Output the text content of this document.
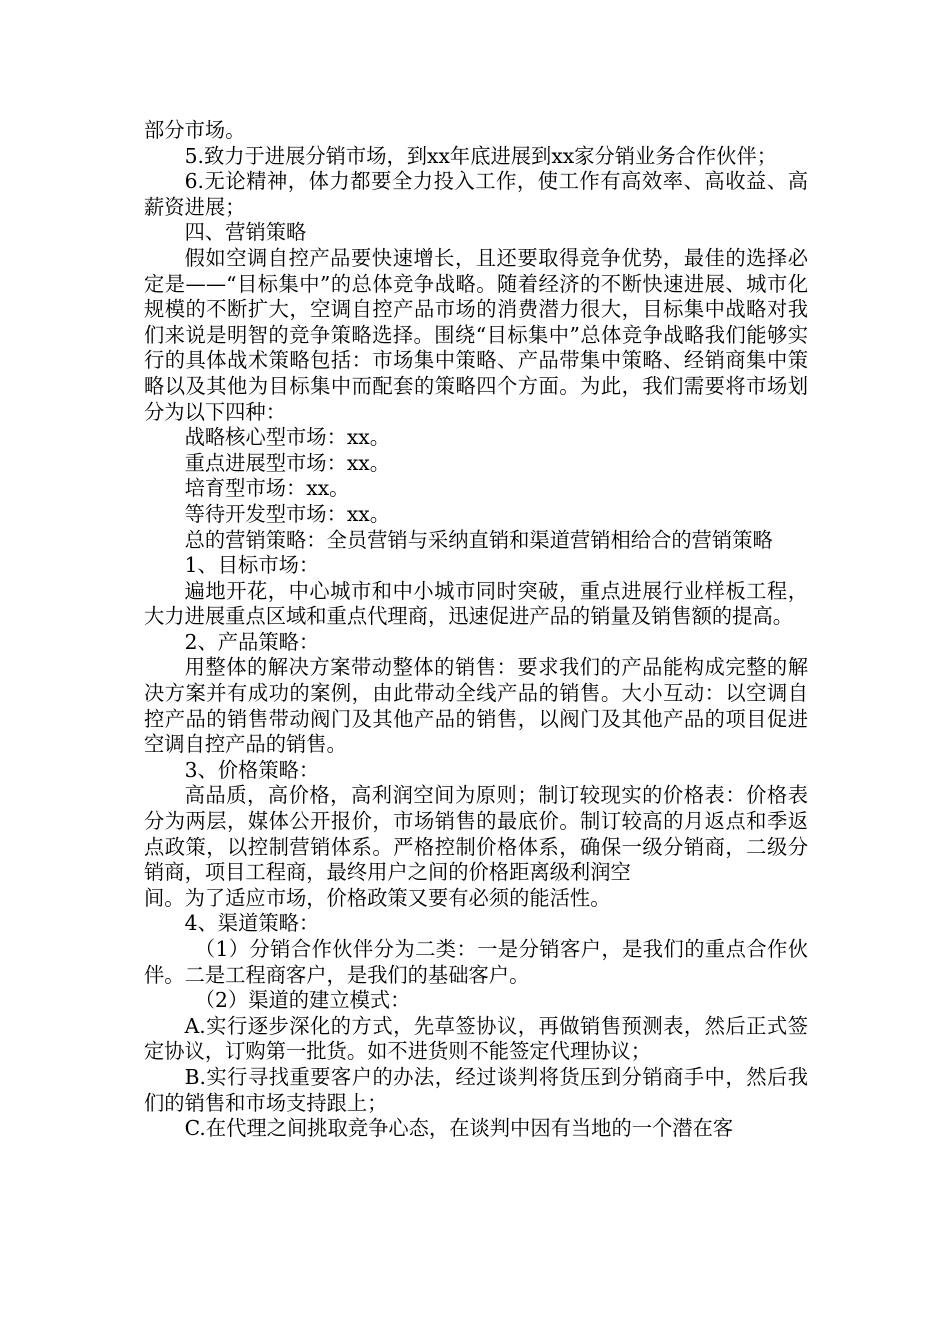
部分市场。

5.致力于进展分销市场，到xx年底进展到xx家分销业务合作伙伴；

6.无论精神，体力都要全力投入工作，使工作有高效率、高收益、高薪资进展；

四、营销策略

假如空调自控产品要快速增长，且还要取得竞争优势，最佳的选择必定是——“目标集中”的总体竞争战略。随着经济的不断快速进展、城市化规模的不断扩大，空调自控产品市场的消费潜力很大，目标集中战略对我们来说是明智的竞争策略选择。围绕“目标集中”总体竞争战略我们能够实行的具体战术策略包括：市场集中策略、产品带集中策略、经销商集中策略以及其他为目标集中而配套的策略四个方面。为此，我们需要将市场划分为以下四种：

战略核心型市场：xx。

重点进展型市场：xx。

培育型市场：xx。

等待开发型市场：xx。

总的营销策略：全员营销与采纳直销和渠道营销相给合的营销策略

1、目标市场：

遍地开花，中心城市和中小城市同时突破，重点进展行业样板工程，大力进展重点区域和重点代理商，迅速促进产品的销量及销售额的提高。

2、产品策略：

用整体的解决方案带动整体的销售：要求我们的产品能构成完整的解决方案并有成功的案例，由此带动全线产品的销售。大小互动：以空调自控产品的销售带动阀门及其他产品的销售，以阀门及其他产品的项目促进空调自控产品的销售。

3、价格策略：

高品质，高价格，高利润空间为原则；制订较现实的价格表：价格表分为两层，媒体公开报价，市场销售的最底价。制订较高的月返点和季返点政策，以控制营销体系。严格控制价格体系，确保一级分销商，二级分销商，项目工程商，最终用户之间的价格距离级利润空

间。为了适应市场，价格政策又要有必须的能活性。

4、渠道策略：

（1）分销合作伙伴分为二类：一是分销客户，是我们的重点合作伙伴。二是工程商客户，是我们的基础客户。

（2）渠道的建立模式：

A.实行逐步深化的方式，先草签协议，再做销售预测表，然后正式签定协议，订购第一批货。如不进货则不能签定代理协议；

B.实行寻找重要客户的办法，经过谈判将货压到分销商手中，然后我们的销售和市场支持跟上；

C.在代理之间挑取竞争心态，在谈判中因有当地的一个潜在客
